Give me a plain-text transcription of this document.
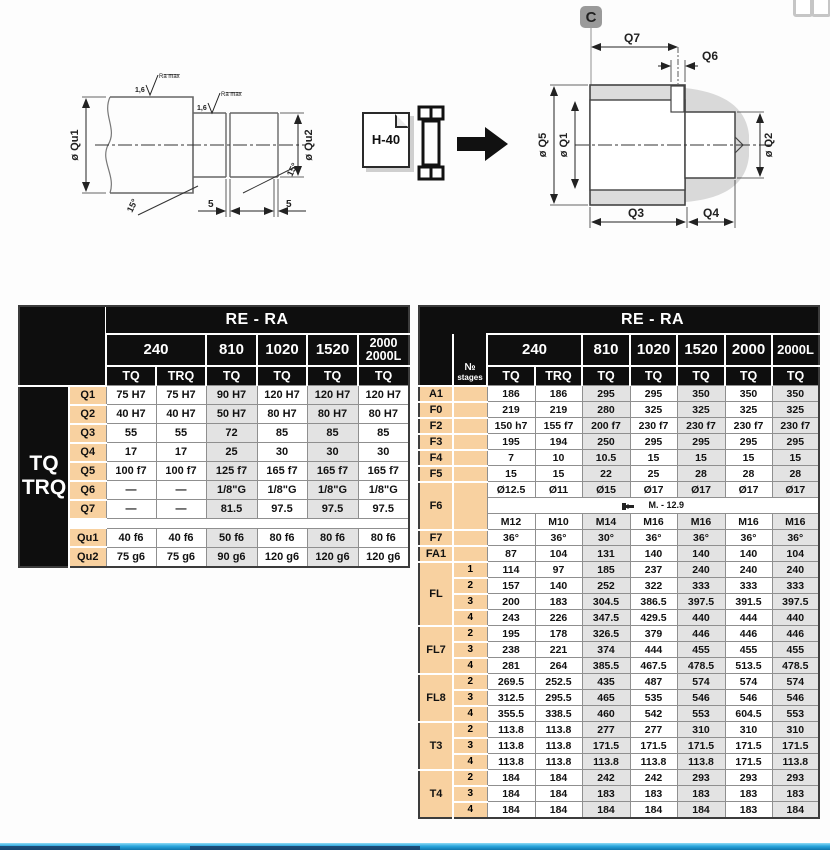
ø Qu1	ø Qu2
15°
15°
5	5
1,6
Ra max
1,6
Ra max
H-40
C
Q7
Q6
ø Q5 ø Q1	ø Q2
Q3	Q4
		RE - RA					
		240		810	1020	1520	2000
2000L
		TQ	TRQ	TQ	TQ	TQ	TQ

TQ
TRQ	Q1	75 H7	75 H7	90 H7	120 H7	120 H7	120 H7
	Q2	40 H7	40 H7	50 H7	80 H7	80 H7	80 H7
	Q3	55	55	72	85	85	85
	Q4	17	17	25	30	30	30
	Q5	100 f7	100 f7	125 f7	165 f7	165 f7	165 f7
	Q6	—	—	1/8"G	1/8"G	1/8"G	1/8"G
	Q7	—	—	81.5	97.5	97.5	97.5

	Qu1	40 f6	40 f6	50 f6	80 f6	80 f6	80 f6
	Qu2	75 g6	75 g6	90 g6	120 g6	120 g6	120 g6
		RE - RA						

	№
stages	240		810	1020	1520	2000	2000L
		TQ	TRQ	TQ	TQ	TQ	TQ	TQ
A1		186	186	295	295	350	350	350
F0		219	219	280	325	325	325	325
F2		150 h7	155 f7	200 f7	230 f7	230 f7	230 f7	230 f7
F3		195	194	250	295	295	295	295
F4		7	10	10.5	15	15	15	15
F5		15	15	22	25	28	28	28
F6		Ø12.5	Ø11	Ø15	Ø17	Ø17	Ø17	Ø17
		M. - 12.9						
		M12	M10	M14	M16	M16	M16	M16
F7		36°	36°	30°	36°	36°	36°	36°
FA1		87	104	131	140	140	140	104
FL	1	114	97	185	237	240	240	240
	2	157	140	252	322	333	333	333
	3	200	183	304.5	386.5	397.5	391.5	397.5
	4	243	226	347.5	429.5	440	444	440
FL7	2	195	178	326.5	379	446	446	446
	3	238	221	374	444	455	455	455
	4	281	264	385.5	467.5	478.5	513.5	478.5
FL8	2	269.5	252.5	435	487	574	574	574
	3	312.5	295.5	465	535	546	546	546
	4	355.5	338.5	460	542	553	604.5	553
T3	2	113.8	113.8	277	277	310	310	310
	3	113.8	113.8	171.5	171.5	171.5	171.5	171.5
	4	113.8	113.8	113.8	113.8	113.8	171.5	113.8
T4	2	184	184	242	242	293	293	293
	3	184	184	183	183	183	183	183
	4	184	184	184	184	184	183	184
